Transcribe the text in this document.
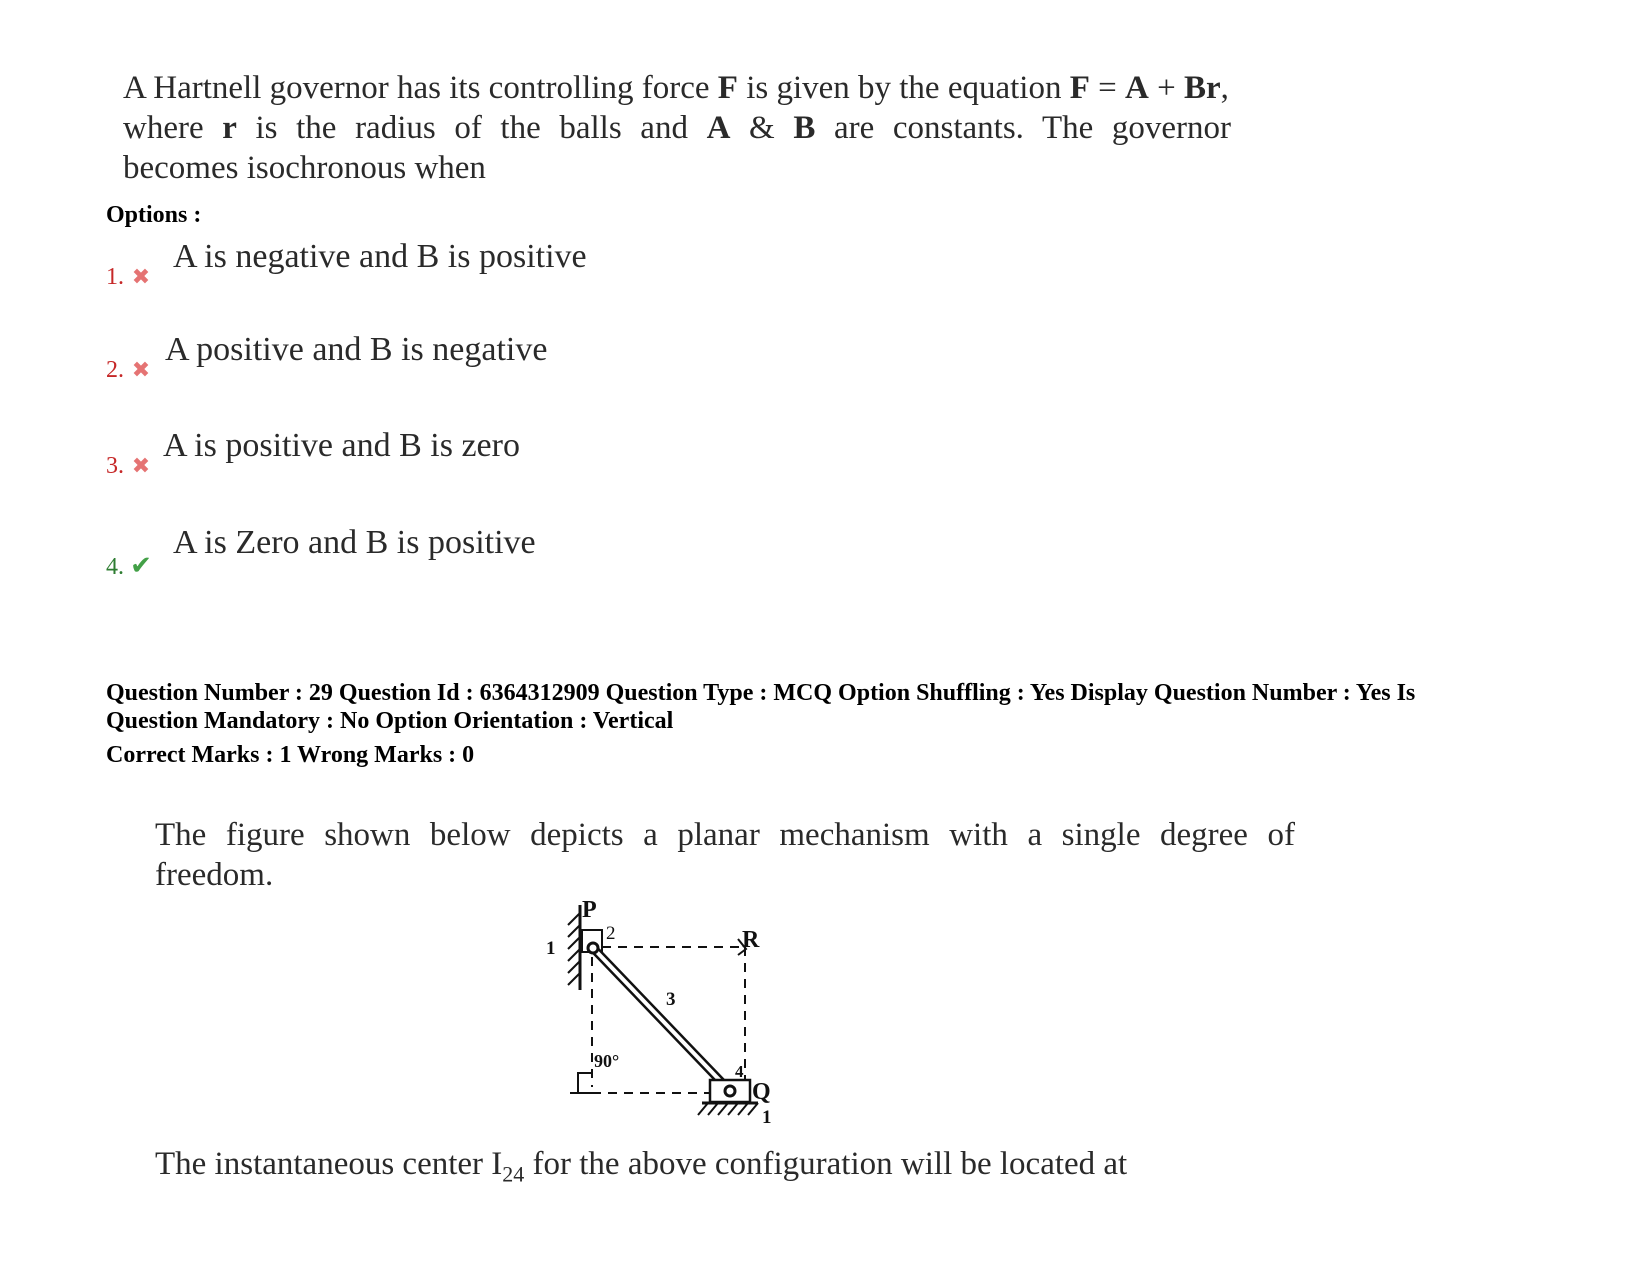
A Hartnell governor has its controlling force F is given by the equation F = A + Br,
where r is the radius of the balls and A & B are constants. The governor
becomes isochronous when
Options :
1. ✖
A is negative and B is positive
2. ✖
A positive and B is negative
3. ✖
A is positive and B is zero
4. ✔
A is Zero and B is positive
Question Number : 29 Question Id : 6364312909 Question Type : MCQ Option Shuffling : Yes Display Question Number : Yes Is
Question Mandatory : No Option Orientation : Vertical
Correct Marks : 1 Wrong Marks : 0
The figure shown below depicts a planar mechanism with a single degree of
freedom.
P
R
Q
1
1
2
3
4
90°
The instantaneous center $I_{24}$ for the above configuration will be located at
